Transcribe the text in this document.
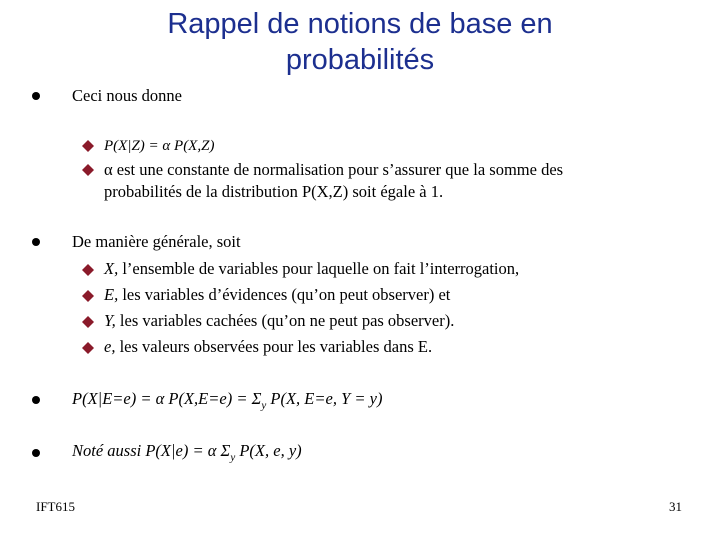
Rappel de notions de base en
probabilités
Ceci nous donne
P(X|Z) = α P(X,Z)
α est une constante de normalisation pour s’assurer que la somme des
probabilités de la distribution P(X,Z) soit égale à 1.
De manière générale, soit
X, l’ensemble de variables pour laquelle on fait l’interrogation,
E, les variables d’évidences (qu’on peut observer) et
Y, les variables cachées (qu’on ne peut pas observer).
e, les valeurs observées pour les variables dans E.
P(X|E=e) = α $P(X,E=e) = \Sigma_y$ P(X, E=e, Y = y)
Noté aussi P(X|e) = α $\Sigma_y$ P(X, e, y)
IFT615	31
